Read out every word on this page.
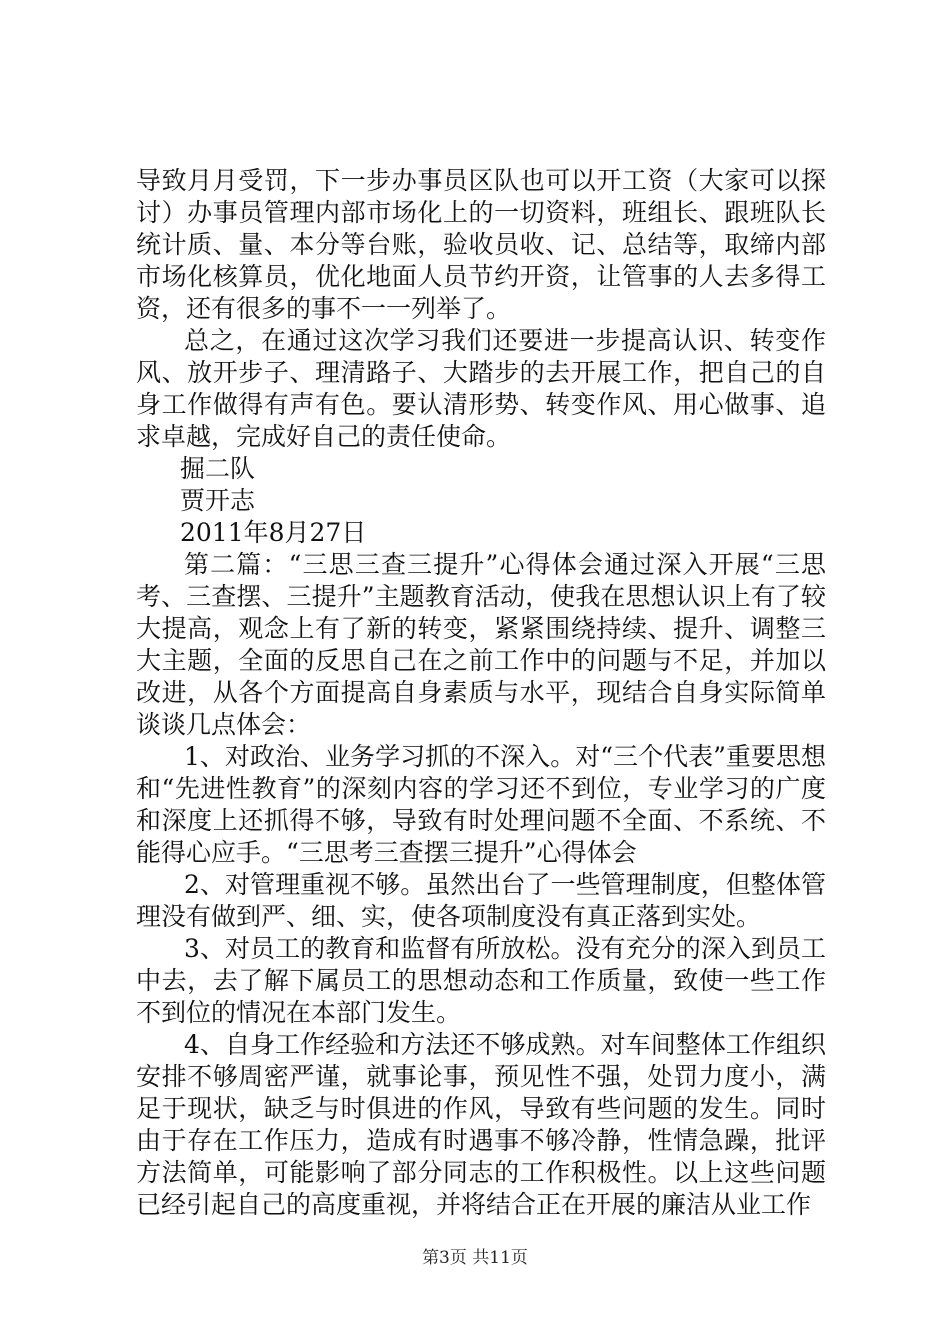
导致月月受罚，下一步办事员区队也可以开工资（大家可以探讨）办事员管理内部市场化上的一切资料，班组长、跟班队长统计质、量、本分等台账，验收员收、记、总结等，取缔内部市场化核算员，优化地面人员节约开资，让管事的人去多得工资，还有很多的事不一一列举了。

总之，在通过这次学习我们还要进一步提高认识、转变作风、放开步子、理清路子、大踏步的去开展工作，把自己的自身工作做得有声有色。要认清形势、转变作风、用心做事、追求卓越，完成好自己的责任使命。

掘二队

贾开志

2011年8月27日

第二篇：“三思三查三提升”心得体会通过深入开展“三思考、三查摆、三提升”主题教育活动，使我在思想认识上有了较大提高，观念上有了新的转变，紧紧围绕持续、提升、调整三大主题，全面的反思自己在之前工作中的问题与不足，并加以改进，从各个方面提高自身素质与水平，现结合自身实际简单谈谈几点体会：

1、对政治、业务学习抓的不深入。对“三个代表”重要思想和“先进性教育”的深刻内容的学习还不到位，专业学习的广度和深度上还抓得不够，导致有时处理问题不全面、不系统、不能得心应手。“三思考三查摆三提升”心得体会

2、对管理重视不够。虽然出台了一些管理制度，但整体管理没有做到严、细、实，使各项制度没有真正落到实处。

3、对员工的教育和监督有所放松。没有充分的深入到员工中去，去了解下属员工的思想动态和工作质量，致使一些工作不到位的情况在本部门发生。

4、自身工作经验和方法还不够成熟。对车间整体工作组织安排不够周密严谨，就事论事，预见性不强，处罚力度小，满足于现状，缺乏与时俱进的作风，导致有些问题的发生。同时由于存在工作压力，造成有时遇事不够冷静，性情急躁，批评方法简单，可能影响了部分同志的工作积极性。以上这些问题已经引起自己的高度重视，并将结合正在开展的廉洁从业工作

第3页 共11页
